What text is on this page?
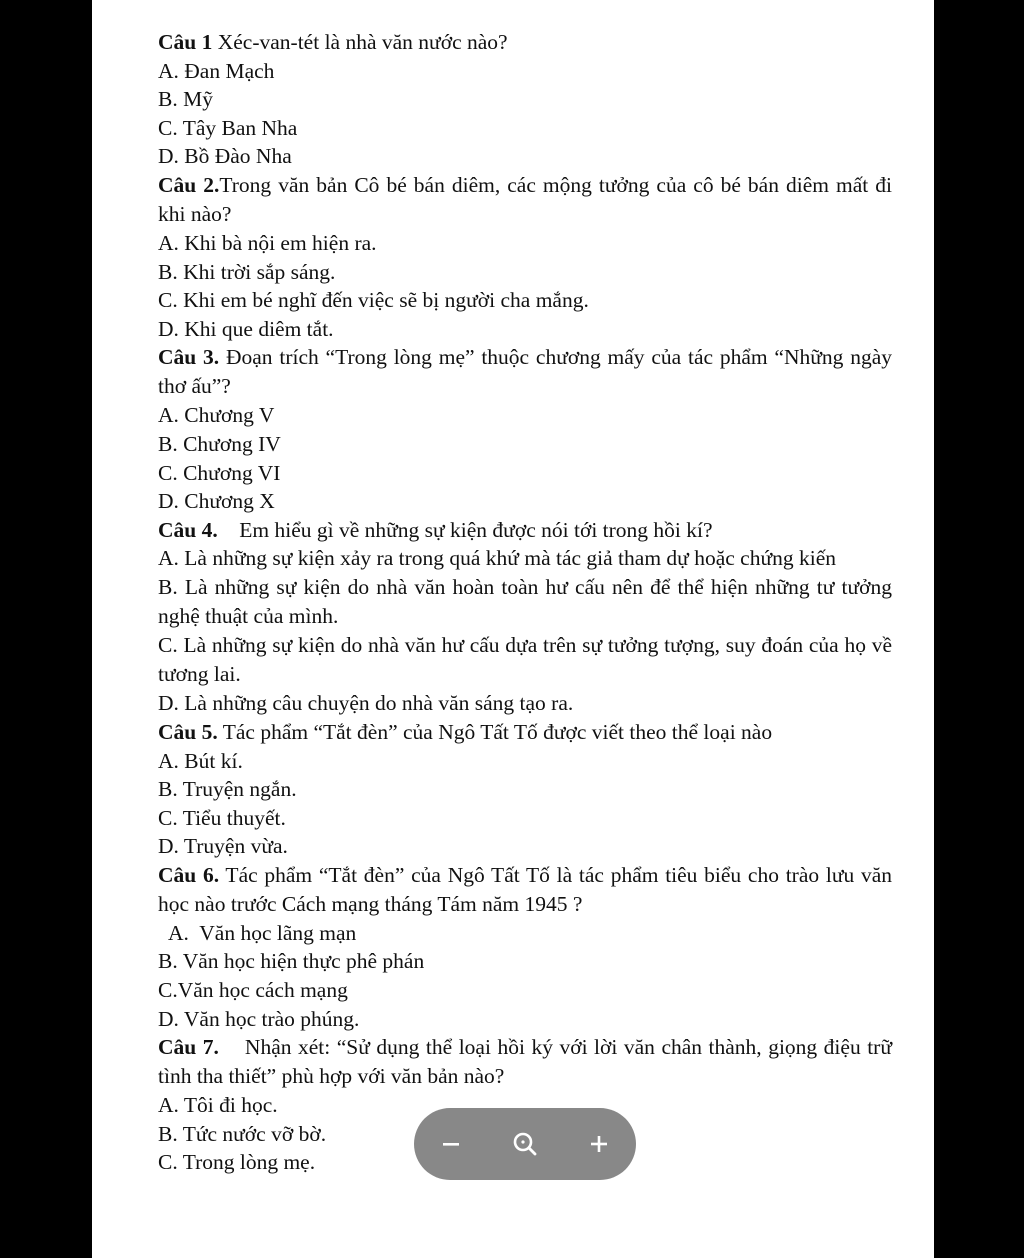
Câu 1 Xéc-van-tét là nhà văn nước nào?
A. Đan Mạch
B. Mỹ
C. Tây Ban Nha
D. Bồ Đào Nha
Câu 2.Trong văn bản Cô bé bán diêm, các mộng tưởng của cô bé bán diêm mất đi khi nào?
A. Khi bà nội em hiện ra.
B. Khi trời sắp sáng.
C. Khi em bé nghĩ đến việc sẽ bị người cha mắng.
D. Khi que diêm tắt.
Câu 3. Đoạn trích “Trong lòng mẹ” thuộc chương mấy của tác phẩm “Những ngày thơ ấu”?
A. Chương V
B. Chương IV
C. Chương VI
D. Chương X
Câu 4.    Em hiểu gì về những sự kiện được nói tới trong hồi kí?
A. Là những sự kiện xảy ra trong quá khứ mà tác giả tham dự hoặc chứng kiến
B. Là những sự kiện do nhà văn hoàn toàn hư cấu nên để thể hiện những tư tưởng nghệ thuật của mình.
C. Là những sự kiện do nhà văn hư cấu dựa trên sự tưởng tượng, suy đoán của họ về tương lai.
D. Là những câu chuyện do nhà văn sáng tạo ra.
Câu 5. Tác phẩm “Tắt đèn” của Ngô Tất Tố được viết theo thể loại nào
A. Bút kí.
B. Truyện ngắn.
C. Tiểu thuyết.
D. Truyện vừa.
Câu 6. Tác phẩm “Tắt đèn” của Ngô Tất Tố là tác phẩm tiêu biểu cho trào lưu văn học nào trước Cách mạng tháng Tám năm 1945 ?
A.  Văn học lãng mạn
B. Văn học hiện thực phê phán
C.Văn học cách mạng
D. Văn học trào phúng.
Câu 7.    Nhận xét: “Sử dụng thể loại hồi ký với lời văn chân thành, giọng điệu trữ tình tha thiết” phù hợp với văn bản nào?
A. Tôi đi học.
B. Tức nước vỡ bờ.
C. Trong lòng mẹ.
